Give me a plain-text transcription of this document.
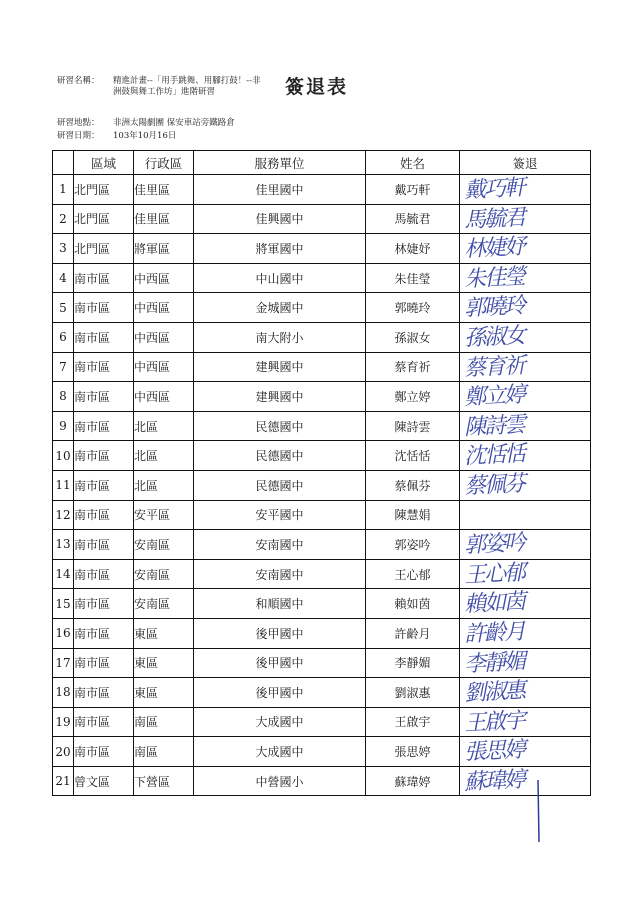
研習名稱： 精進計畫--「用手跳舞、用腳打鼓！--非洲鼓與舞工作坊」進階研習
研習地點： 非洲太陽劇團 保安車站旁鐵路倉
研習日期： 103年10月16日
簽退表
	區域	行政區	服務單位	姓名	簽退
1	北門區	佳里區	佳里國中	戴巧軒	戴巧軒

2	北門區	佳里區	佳興國中	馬毓君	馬毓君

3	北門區	將軍區	將軍國中	林婕妤	林婕妤

4	南市區	中西區	中山國中	朱佳瑩	朱佳瑩

5	南市區	中西區	金城國中	郭曉玲	郭曉玲

6	南市區	中西區	南大附小	孫淑女	孫淑女

7	南市區	中西區	建興國中	蔡育祈	蔡育祈

8	南市區	中西區	建興國中	鄭立婷	鄭立婷

9	南市區	北區	民德國中	陳詩雲	陳詩雲

10	南市區	北區	民德國中	沈恬恬	沈恬恬

11	南市區	北區	民德國中	蔡佩芬	蔡佩芬

12	南市區	安平區	安平國中	陳慧娟	

13	南市區	安南區	安南國中	郭姿吟	郭姿吟

14	南市區	安南區	安南國中	王心郁	王心郁

15	南市區	安南區	和順國中	賴如茵	賴如茵

16	南市區	東區	後甲國中	許齡月	許齡月

17	南市區	東區	後甲國中	李靜媚	李靜媚

18	南市區	東區	後甲國中	劉淑惠	劉淑惠

19	南市區	南區	大成國中	王啟宇	王啟宇

20	南市區	南區	大成國中	張思婷	張思婷

21	曾文區	下營區	中營國小	蘇瑋婷	蘇瑋婷
